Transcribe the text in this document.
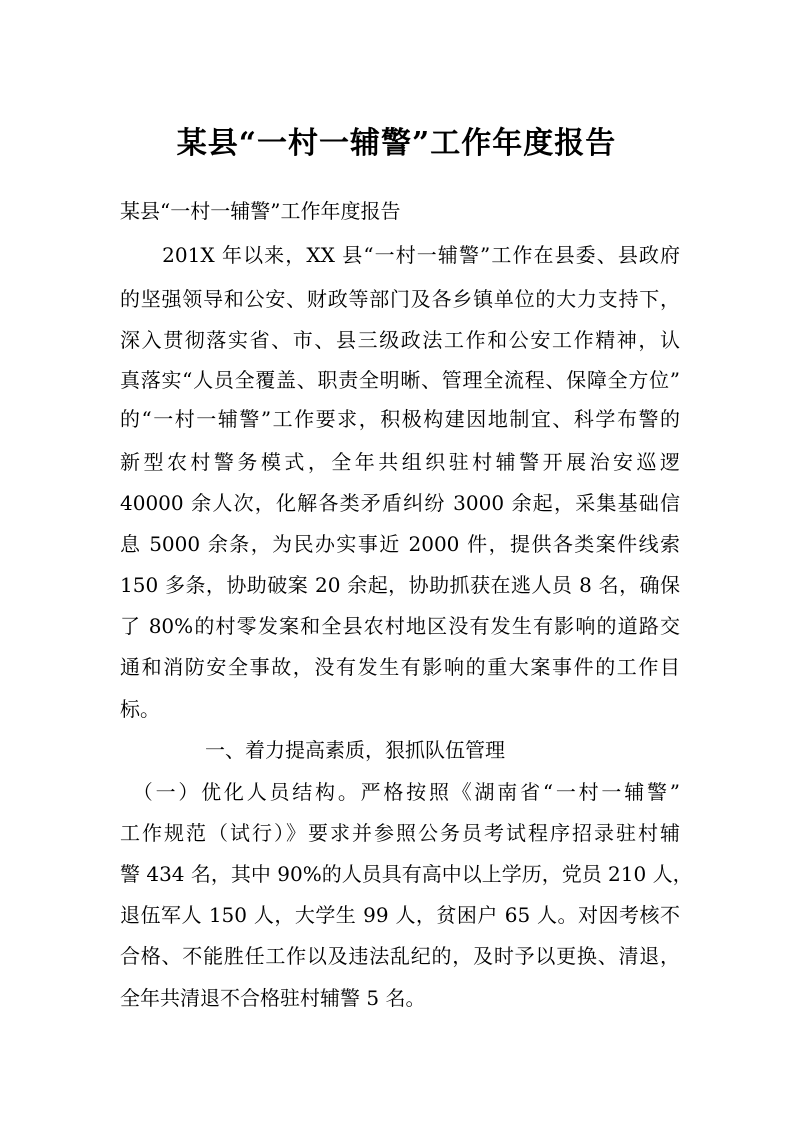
某县“一村一辅警”工作年度报告
某县“一村一辅警”工作年度报告
　　201X 年以来，XX 县“一村一辅警”工作在县委、县政府
的坚强领导和公安、财政等部门及各乡镇单位的大力支持下，
深入贯彻落实省、市、县三级政法工作和公安工作精神，认
真落实“人员全覆盖、职责全明晰、管理全流程、保障全方位”
的“一村一辅警”工作要求，积极构建因地制宜、科学布警的
新型农村警务模式，全年共组织驻村辅警开展治安巡逻
40000 余人次，化解各类矛盾纠纷 3000 余起，采集基础信
息 5000 余条，为民办实事近 2000 件，提供各类案件线索
150 多条，协助破案 20 余起，协助抓获在逃人员 8 名，确保
了 80%的村零发案和全县农村地区没有发生有影响的道路交
通和消防安全事故，没有发生有影响的重大案事件的工作目
标。
一、着力提高素质，狠抓队伍管理
　（一）优化人员结构。严格按照《湖南省“一村一辅警”
工作规范（试行）》要求并参照公务员考试程序招录驻村辅
警 434 名，其中 90%的人员具有高中以上学历，党员 210 人，
退伍军人 150 人，大学生 99 人，贫困户 65 人。对因考核不
合格、不能胜任工作以及违法乱纪的，及时予以更换、清退，
全年共清退不合格驻村辅警 5 名。
